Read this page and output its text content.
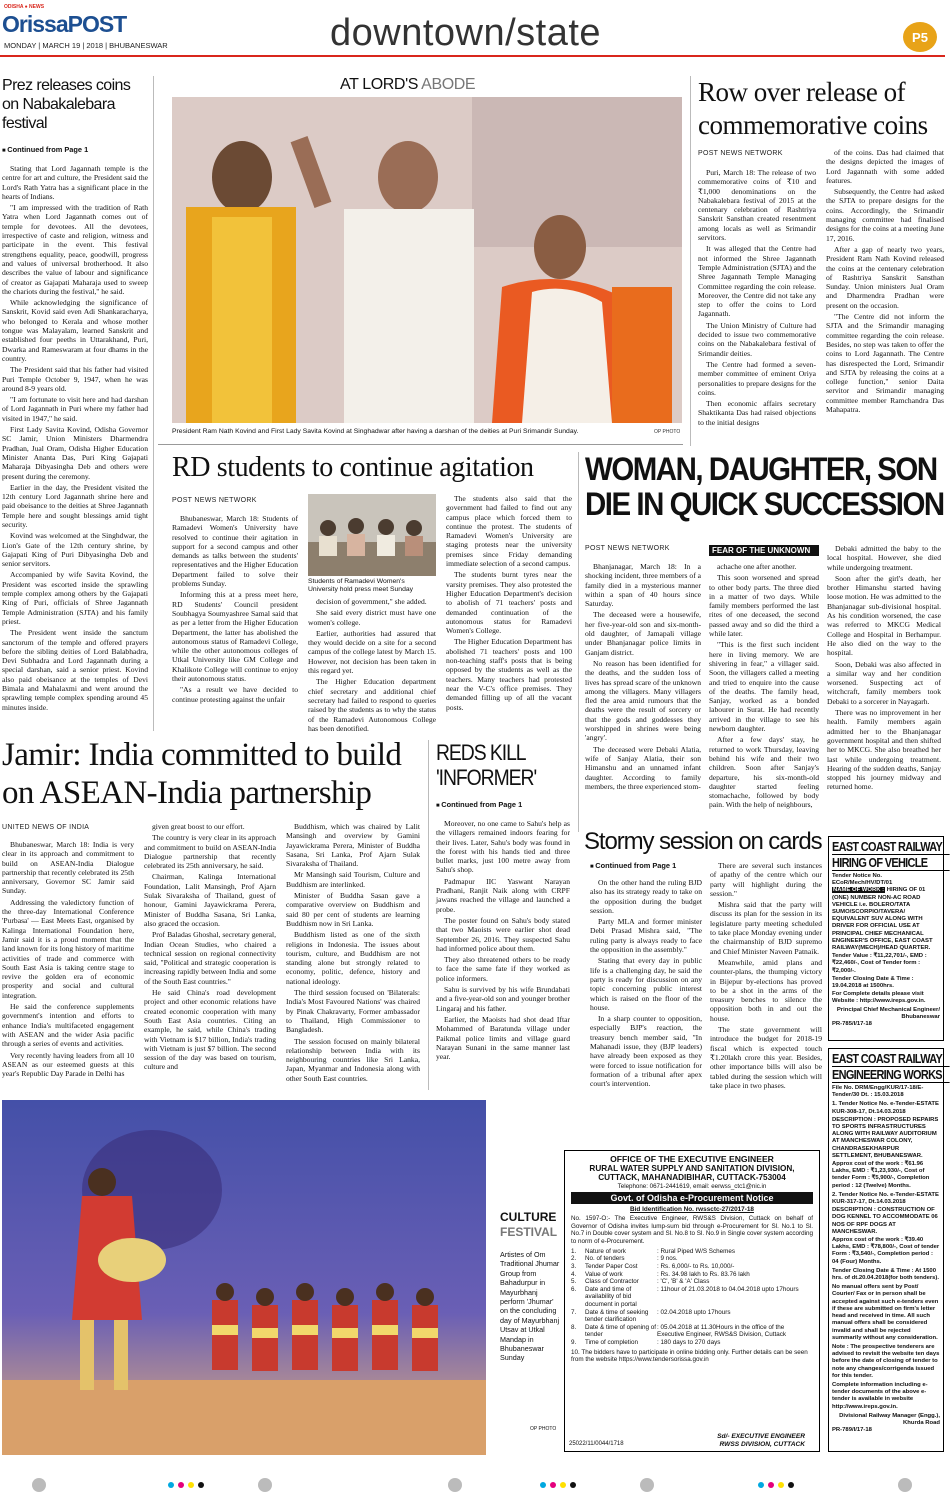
ODISHA ● NEWS
OrissaPOST
MONDAY | MARCH 19 | 2018 | BHUBANESWAR	downtown/state	P5
Prez releases coins on Nabakalebara festival
■ Continued from Page 1

Stating that Lord Jagannath temple is the centre for art and culture, the President said the Lord's Rath Yatra has a significant place in the hearts of Indians.

"I am impressed with the tradition of Rath Yatra when Lord Jagannath comes out of temple for devotees. All the devotees, irrespective of caste and religion, witness and participate in the event. This festival strengthens equality, peace, goodwill, progress and values of universal brotherhood. It also describes the value of labour and significance of creator as Gajapati Maharaja used to sweep the chariots during the festival," he said.

While acknowledging the significance of Sanskrit, Kovid said even Adi Shankaracharya, who belonged to Kerala and whose mother tongue was Malayalam, learned Sanskrit and established four peeths in Uttarakhand, Puri, Dwarka and Rameswaram at four dhams in the country.

The President said that his father had visited Puri Temple October 9, 1947, when he was around 8-9 years old.

"I am fortunate to visit here and had darshan of Lord Jagannath in Puri where my father had visited in 1947," he said.

First Lady Savita Kovind, Odisha Governor SC Jamir, Union Ministers Dharmendra Pradhan, Jual Oram, Odisha Higher Education Minister Ananta Das, Puri King Gajapati Maharaja Dibyasingha Deb and others were present during the ceremony.

Earlier in the day, the President visited the 12th century Lord Jagannath shrine here and paid obeisance to the deities at Shree Jagannath Temple here and sought blessings amid tight security.

Kovind was welcomed at the Singhdwar, the Lion's Gate of the 12th century shrine, by Gajapati King of Puri Dibyasingha Deb and senior servitors.

Accompanied by wife Savita Kovind, the President was escorted inside the sprawling temple complex among others by the Gajapati King of Puri, officials of Shree Jagannath Temple Administration (SJTA) and his family priest.

The President went inside the sanctum sanctorum of the temple and offered prayers before the sibling deities of Lord Balabhadra, Devi Subhadra and Lord Jagannath during a special darshan, said a senior priest. Kovind also paid obeisance at the temples of Devi Bimala and Mahalaxmi and went around the sprawling temple complex spending around 45 minutes inside.

AT LORD'S ABODE
President Ram Nath Kovind and First Lady Savita Kovind at Singhadwar after having a darshan of the deities at Puri Srimandir Sunday.	OP PHOTO
Row over release of commemorative coins
POST NEWS NETWORK

Puri, March 18: The release of two commemorative coins of ₹10 and ₹1,000 denominations on the Nabakalebara festival of 2015 at the centenary celebration of Rashtriya Sanskrit Sansthan created resentment among locals as well as Srimandir servitors.

It was alleged that the Centre had not informed the Shree Jagannath Temple Administration (SJTA) and the Shree Jagannath Temple Managing Committee regarding the coin release. Moreover, the Centre did not take any step to offer the coins to Lord Jagannath.

The Union Ministry of Culture had decided to issue two commemorative coins on the Nabakalebara festival of Srimandir deities.

The Centre had formed a seven-member committee of eminent Oriya personalities to prepare designs for the coins.

Then economic affairs secretary Shaktikanta Das had raised objections to the initial designs

of the coins. Das had claimed that the designs depicted the images of Lord Jagannath with some added features.

Subsequently, the Centre had asked the SJTA to prepare designs for the coins. Accordingly, the Srimandir managing committee had finalised designs for the coins at a meeting June 17, 2016.

After a gap of nearly two years, President Ram Nath Kovind released the coins at the centenary celebration of Rashtriya Sanskrit Sansthan Sunday. Union ministers Jual Oram and Dharmendra Pradhan were present on the occasion.

"The Centre did not inform the SJTA and the Srimandir managing committee regarding the coin release. Besides, no step was taken to offer the coins to Lord Jagannath. The Centre has disrespected the Lord, Srimandir and SJTA by releasing the coins at a college function," senior Daita servitor and Srimandir managing committee member Ramchandra Das Mahapatra.

RD students to continue agitation
POST NEWS NETWORK

Bhubaneswar, March 18: Students of Ramadevi Women's University have resolved to continue their agitation in support for a second campus and other demands as talks between the students' representatives and the Higher Education Department failed to solve their problems Sunday.

Informing this at a press meet here, RD Students' Council president Soubhagya Soumyashree Samal said that as per a letter from the Higher Education Department, the latter has abolished the autonomous status of Ramadevi College, while the other autonomous colleges of Utkal University like GM College and Khalikote College will continue to enjoy their autonomous status.

"As a result we have decided to continue protesting against the unfair

Students of Ramadevi Women's University hold press meet Sunday

decision of government," she added.

She said every district must have one women's college.

Earlier, authorities had assured that they would decide on a site for a second campus of the college latest by March 15. However, not decision has been taken in this regard yet.

The Higher Education department chief secretary and additional chief secretary had failed to respond to queries raised by the students as to why the status of the Ramadevi Autonomous College has been denotified.

The students also said that the government had failed to find out any campus place which forced them to continue the protest. The students of Ramadevi Women's University are staging protests near the university premises since Friday demanding immediate selection of a second campus.

The students burnt tyres near the varsity premises. They also protested the Higher Education Department's decision to abolish of 71 teachers' posts and demanded continuation of the autonomous status for Ramadevi Women's College.

The Higher Education Department has abolished 71 teachers' posts and 100 non-teaching staff's posts that is being opposed by the students as well as the teachers. Many teachers had protested near the V-C's office premises. They demanded filling up of all the vacant posts.

WOMAN, DAUGHTER, SON DIE IN QUICK SUCCESSION
POST NEWS NETWORK

Bhanjanagar, March 18: In a shocking incident, three members of a family died in a mysterious manner within a span of 40 hours since Saturday.

The deceased were a housewife, her five-year-old son and six-month-old daughter, of Jamapali village under Bhanjanagar police limits in Ganjam district.

No reason has been identified for the deaths, and the sudden loss of lives has spread scare of the unknown among the villagers. Many villagers fled the area amid rumours that the deaths were the result of sorcery or that the gods and goddesses they worshipped in shrines were being 'angry'.

The deceased were Debaki Alatia, wife of Sanjay Alatia, their son Himanshu and an unnamed infant daughter. According to family members, the three experienced stom-

FEAR OF THE UNKNOWN

achache one after another.

This soon worsened and spread to other body parts. The three died in a matter of two days. While family members performed the last rites of one deceased, the second passed away and so did the third a while later.

"This is the first such incident here in living memory. We are shivering in fear," a villager said. Soon, the villagers called a meeting and tried to enquire into the cause of the deaths. The family head, Sanjay, worked as a bonded labourer in Surat. He had recently arrived in the village to see his newborn daughter.

After a few days' stay, he returned to work Thursday, leaving behind his wife and their two children. Soon after Sanjay's departure, his six-month-old daughter started feeling stomachache, followed by body pain. With the help of neighbours,

Debaki admitted the baby to the local hospital. However, she died while undergoing treatment.

Soon after the girl's death, her brother Himanshu started having loose motion. He was admitted to the Bhanjanagar sub-divisional hospital. As his condition worsened, the case was referred to MKCG Medical College and Hospital in Berhampur. He also died on the way to the hospital.

Soon, Debaki was also affected in a similar way and her condition worsened. Suspecting act of witchcraft, family members took Debaki to a sorcerer in Nayagarh.

There was no improvement in her health. Family members again admitted her to the Bhanjanagar government hospital and then shifted her to MKCG. She also breathed her last while undergoing treatment. Hearing of the sudden deaths, Sanjay stopped his journey midway and returned home.

Jamir: India committed to build on ASEAN-India partnership
UNITED NEWS OF INDIA

Bhubaneswar, March 18: India is very clear in its approach and commitment to build on ASEAN-India Dialogue partnership that recently celebrated its 25th anniversary, Governor SC Jamir said Sunday.

Addressing the valedictory function of the three-day International Conference 'Purbasa' — East Meets East, organised by Kalinga International Foundation here, Jamir said it is a proud moment that the land known for its long history of maritime activities of trade and commerce with South East Asia is taking centre stage to revive the golden era of economic prosperity and social and cultural integration.

He said the conference supplements government's intention and efforts to enhance India's multifaceted engagement with ASEAN and the wider Asia pacific through a series of events and activities.

Very recently having leaders from all 10 ASEAN as our esteemed guests at this year's Republic Day Parade in Delhi has

given great boost to our effort.

The country is very clear in its approach and commitment to build on ASEAN-India Dialogue partnership that recently celebrated its 25th anniversary, he said.

Chairman, Kalinga International Foundation, Lalit Mansingh, Prof Ajarn Sulak Sivaraksha of Thailand, guest of honour, Gamini Jayawickrama Perera, Minister of Buddha Sasana, Sri Lanka, also graced the occasion.

Prof Baladas Ghoshal, secretary general, Indian Ocean Studies, who chaired a technical session on regional connectivity said, "Political and strategic cooperation is increasing rapidly between India and some of the South East countries."

He said China's road development project and other economic relations have created economic cooperation with many South East Asia countries. Citing an example, he said, while China's trading with Vietnam is $17 billion, India's trading with Vietnam is just $7 billion. The second session of the day was based on tourism, culture and

Buddhism, which was chaired by Lalit Mansingh and overview by Gamini Jayawickrama Perera, Minister of Buddha Sasana, Sri Lanka, Prof Ajarn Sulak Sivaraksha of Thailand.

Mr Mansingh said Tourism, Culture and Buddhism are interlinked.

Minister of Buddha Sasan gave a comparative overview on Buddhism and said 80 per cent of students are learning Buddhism now in Sri Lanka.

Buddhism listed as one of the sixth religions in Indonesia. The issues about tourism, culture, and Buddhism are not standing alone but strongly related to economy, politic, defence, history and national ideology.

The third session focused on 'Bilaterals: India's Most Favoured Nations' was chaired by Pinak Chakravarty, Former ambassador to Thailand, High Commissioner to Bangladesh.

The session focused on mainly bilateral relationship between India with its neighbouring countries like Sri Lanka, Japan, Myanmar and Indonesia along with other South East countries.

REDS KILL 'INFORMER'
■ Continued from Page 1

Moreover, no one came to Sahu's help as the villagers remained indoors fearing for their lives. Later, Sahu's body was found in the forest with his hands tied and three bullet marks, just 100 metre away from Sahu's shop.

Padmapur IIC Yaswant Narayan Pradhani, Ranjit Naik along with CRPF jawans reached the village and launched a probe.

The poster found on Sahu's body stated that two Maoists were earlier shot dead September 26, 2016. They suspected Sahu had informed police about them.

They also threatened others to be ready to face the same fate if they worked as police informers.

Sahu is survived by his wife Brundabati and a five-year-old son and younger brother Lingaraj and his father.

Earlier, the Maoists had shot dead Iftar Mohammed of Baratunda village under Paikmal police limits and village guard Narayan Sunani in the same manner last year.

Stormy session on cards
■ Continued from Page 1

On the other hand the ruling BJD also has its strategy ready to take on the opposition during the budget session.

Party MLA and former minister Debi Prasad Mishra said, "The ruling party is always ready to face the opposition in the assembly."

Stating that every day in public life is a challenging day, he said the party is ready for discussion on any topic concerning public interest which is raised on the floor of the house.

In a sharp counter to opposition, especially BJP's reaction, the treasury bench member said, "In Mahanadi issue, they (BJP leaders) have already been exposed as they were forced to issue notification for formation of a tribunal after apex court's intervention.

There are several such instances of apathy of the centre which our party will highlight during the session."

Mishra said that the party will discuss its plan for the session in its legislature party meeting scheduled to take place Monday evening under the chairmanship of BJD supremo and Chief Minister Naveen Patnaik.

Meanwhile, amid plans and counter-plans, the thumping victory in Bijepur by-elections has proved to be a shot in the arms of the treasury benches to silence the opposition both in and out the house.

The state government will introduce the budget for 2018-19 fiscal which is expected touch ₹1.20lakh crore this year. Besides, other importance bills will also be tabled during the session which will take place in two phases.

CULTURE
FESTIVAL
Artistes of Om Traditional Jhumar Group from Bahadurpur in Mayurbhanj perform 'Jhumar' on the concluding day of Mayurbhanj Utsav at Utkal Mandap in Bhubaneswar Sunday
OP PHOTO
OFFICE OF THE EXECUTIVE ENGINEER
RURAL WATER SUPPLY AND SANITATION DIVISION,
CUTTACK, MAHANADIBIHAR, CUTTACK-753004
Telephone: 0671-2441619, email: eerwss_ctc1@nic.in
Govt. of Odisha e-Procurement Notice
Bid Identification No. rwssctc-27/2017-18
No. 1597-O:- The Executive Engineer, RWS&S Division, Cuttack on behalf of Governor of Odisha invites lump-sum bid through e-Procurement for Sl. No.1 to Sl. No.7 in Double cover system and Sl. No.8 to Sl. No.9 in Single cover system according to norm of e-Procurement.
1.	Nature of work	: Rural Piped W/S Schemes
2.	No. of tenders	: 9 nos.
3.	Tender Paper Cost	: Rs. 6,000/- to Rs. 10,000/-
4.	Value of work	: Rs. 34.98 lakh to Rs. 83.76 lakh
5.	Class of Contractor	: 'C', 'B' & 'A' Class
6.	Date and time of availability of bid document in portal
: 11hour of 21.03.2018 to 04.04.2018 upto 17hours
7.	Date & time of seeking tender clarification
: 02.04.2018 upto 17hours
8.	Date & time of opening of tender
: 05.04.2018 at 11.30Hours in the office of the Executive Engineer, RWS&S Division, Cuttack
9.	Time of completion	: 180 days to 270 days
10. The bidders have to participate in online bidding only. Further details can be seen from the website https://www.tendersorissa.gov.in
Sd/- EXECUTIVE ENGINEER
RWSS DIVISION, CUTTACK
25022/11/0044/1718
EAST COAST RAILWAY
HIRING OF VEHICLE
Tender Notice No. ECoR/Mech/HV/DT/01
NAME OF WORK : HIRING OF 01 (ONE) NUMBER NON-AC ROAD VEHICLE i.e. BOLERO/TATA SUMO/SCORPIO/TAVERA/ EQUIVALENT SUV ALONG WITH DRIVER FOR OFFICIAL USE AT PRINCIPAL CHIEF MECHANICAL ENGINEER'S OFFICE, EAST COAST RAILWAY(MECH)/HEAD QUARTER.
Tender Value : ₹11,22,701/-, EMD : ₹22,460/-, Cost of Tender form : ₹2,000/-.
Tender Closing Date & Time : 19.04.2018 at 1500hrs.
For Complete details please visit Website : http://www.ireps.gov.in.
Principal Chief Mechanical Engineer/ Bhubaneswar
PR-785/I/17-18
EAST COAST RAILWAY
ENGINEERING WORKS
File No. DRM/Engg/KUR/17-18/E-Tender/30 Dt. : 15.03.2018
1. Tender Notice No. e-Tender-ESTATE KUR-308-17, Dt.14.03.2018
DESCRIPTION : PROPOSED REPAIRS TO SPORTS INFRASTRUCTURES ALONG WITH RAILWAY AUDITORIUM AT MANCHESWAR COLONY, CHANDRASEKHARPUR SETTLEMENT, BHUBANESWAR.
Approx cost of the work : ₹61.96 Lakhs, EMD : ₹1,23,930/-, Cost of tender Form : ₹5,900/-, Completion period : 12 (Twelve) Months.
2. Tender Notice No. e-Tender-ESTATE KUR-317-17, Dt.14.03.2018
DESCRIPTION : CONSTRUCTION OF DOG KENNEL TO ACCOMMODATE 06 NOS OF RPF DOGS AT MANCHESWAR.
Approx cost of the work : ₹39.40 Lakhs, EMD : ₹78,800/-, Cost of tender Form : ₹3,540/-, Completion period : 04 (Four) Months.
Tender Closing Date & Time : At 1500 hrs. of dt.20.04.2018(for both tenders).
No manual offers sent by Post/ Courier/ Fax or in person shall be accepted against such e-tenders even if these are submitted on firm's letter head and received in time. All such manual offers shall be considered invalid and shall be rejected summarily without any consideration.
Note : The prospective tenderers are advised to revisit the website ten days before the date of closing of tender to note any changes/corrigenda issued for this tender.
Complete information including e-tender documents of the above e-tender is available in website http://www.ireps.gov.in.
Divisional Railway Manager (Engg.), Khurda Road
PR-789/I/17-18
